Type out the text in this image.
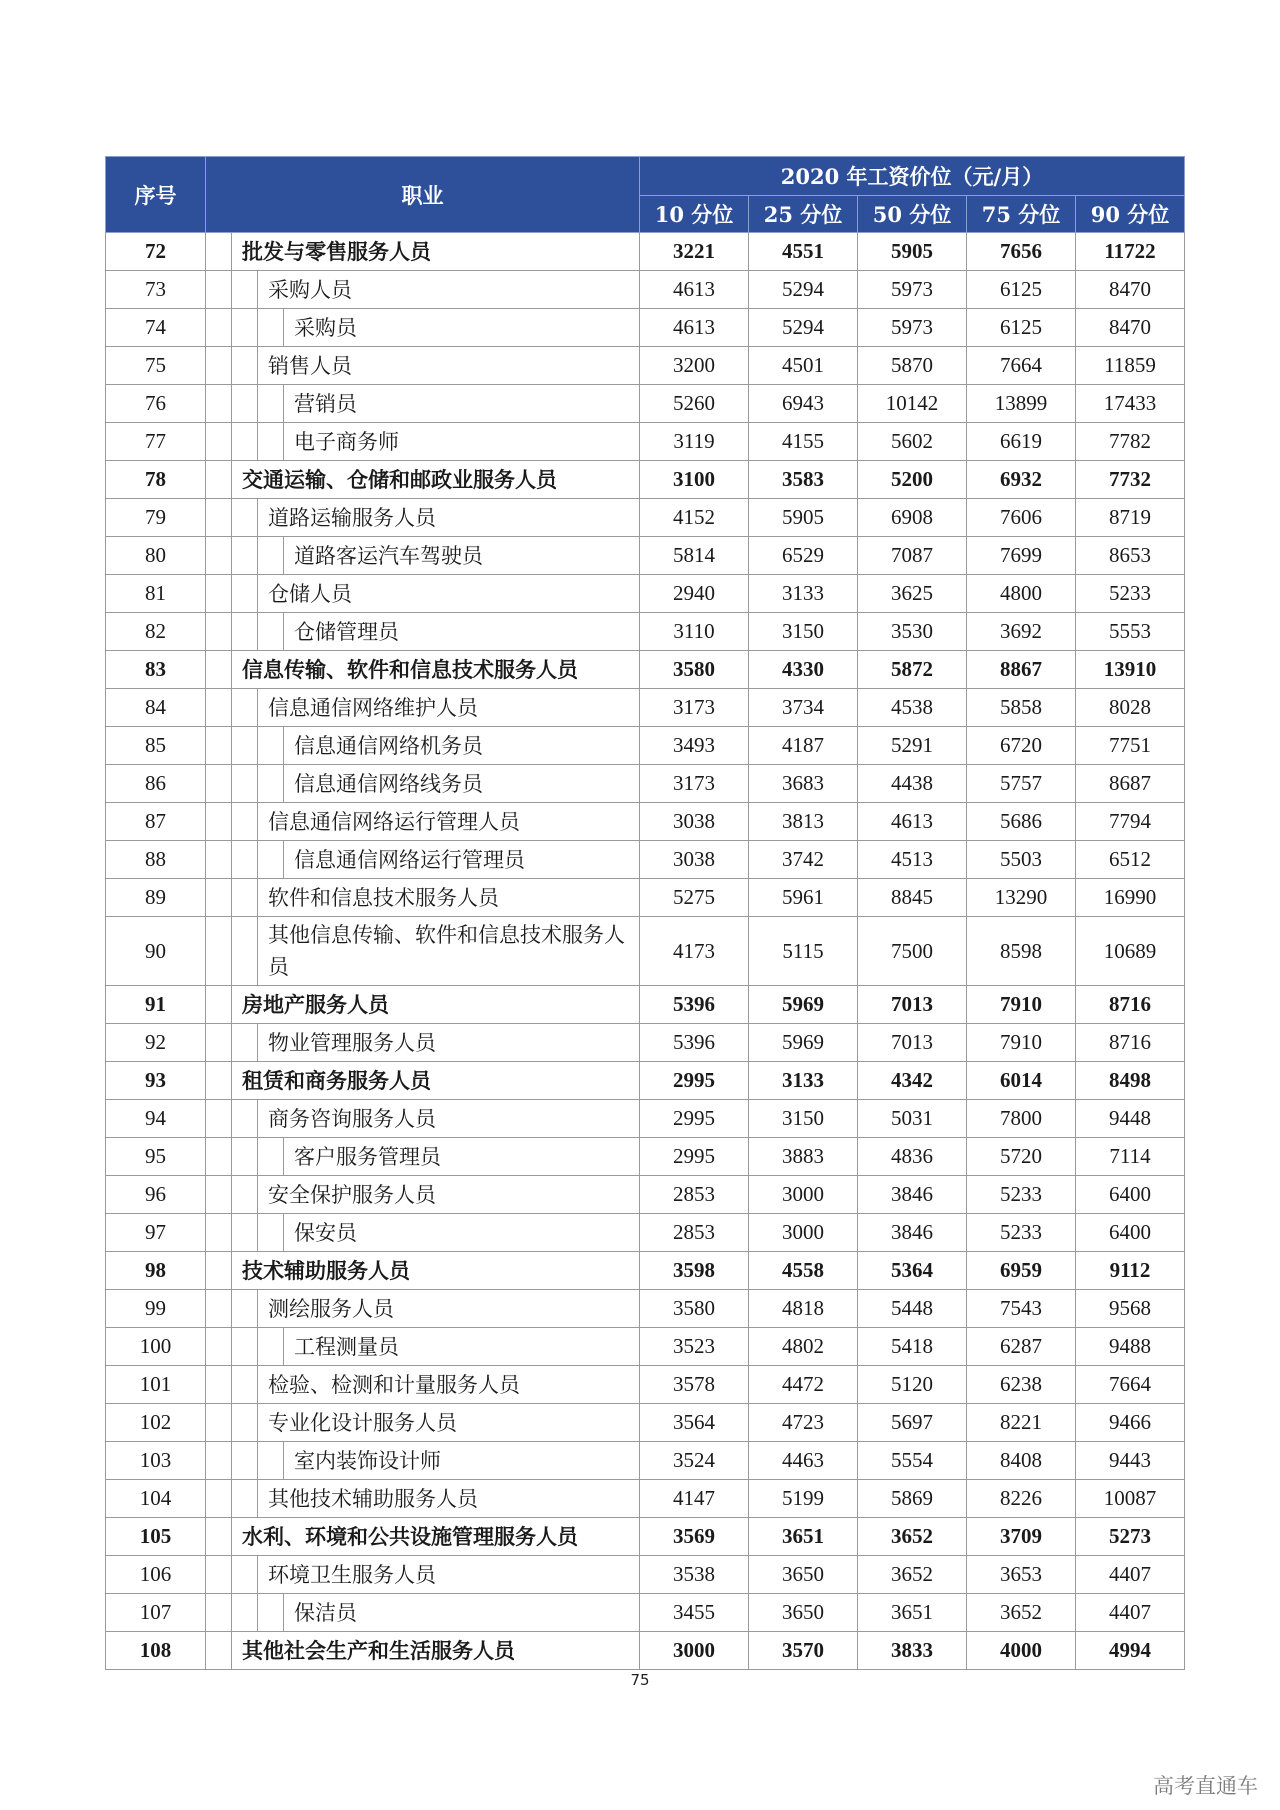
序号	职业	2020 年工资价位（元/月）				
		10 分位	25 分位	50 分位	75 分位	90 分位
72	批发与零售服务人员	3221	4551	5905	7656	11722
73	采购人员	4613	5294	5973	6125	8470
74	采购员	4613	5294	5973	6125	8470
75	销售人员	3200	4501	5870	7664	11859
76	营销员	5260	6943	10142	13899	17433
77	电子商务师	3119	4155	5602	6619	7782
78	交通运输、仓储和邮政业服务人员	3100	3583	5200	6932	7732
79	道路运输服务人员	4152	5905	6908	7606	8719
80	道路客运汽车驾驶员	5814	6529	7087	7699	8653
81	仓储人员	2940	3133	3625	4800	5233
82	仓储管理员	3110	3150	3530	3692	5553
83	信息传输、软件和信息技术服务人员	3580	4330	5872	8867	13910
84	信息通信网络维护人员	3173	3734	4538	5858	8028
85	信息通信网络机务员	3493	4187	5291	6720	7751
86	信息通信网络线务员	3173	3683	4438	5757	8687
87	信息通信网络运行管理人员	3038	3813	4613	5686	7794
88	信息通信网络运行管理员	3038	3742	4513	5503	6512
89	软件和信息技术服务人员	5275	5961	8845	13290	16990
90	其他信息传输、软件和信息技术服务人员	4173	5115	7500	8598	10689
91	房地产服务人员	5396	5969	7013	7910	8716
92	物业管理服务人员	5396	5969	7013	7910	8716
93	租赁和商务服务人员	2995	3133	4342	6014	8498
94	商务咨询服务人员	2995	3150	5031	7800	9448
95	客户服务管理员	2995	3883	4836	5720	7114
96	安全保护服务人员	2853	3000	3846	5233	6400
97	保安员	2853	3000	3846	5233	6400
98	技术辅助服务人员	3598	4558	5364	6959	9112
99	测绘服务人员	3580	4818	5448	7543	9568
100	工程测量员	3523	4802	5418	6287	9488
101	检验、检测和计量服务人员	3578	4472	5120	6238	7664
102	专业化设计服务人员	3564	4723	5697	8221	9466
103	室内装饰设计师	3524	4463	5554	8408	9443
104	其他技术辅助服务人员	4147	5199	5869	8226	10087
105	水利、环境和公共设施管理服务人员	3569	3651	3652	3709	5273
106	环境卫生服务人员	3538	3650	3652	3653	4407
107	保洁员	3455	3650	3651	3652	4407
108	其他社会生产和生活服务人员	3000	3570	3833	4000	4994
75
高考直通车
